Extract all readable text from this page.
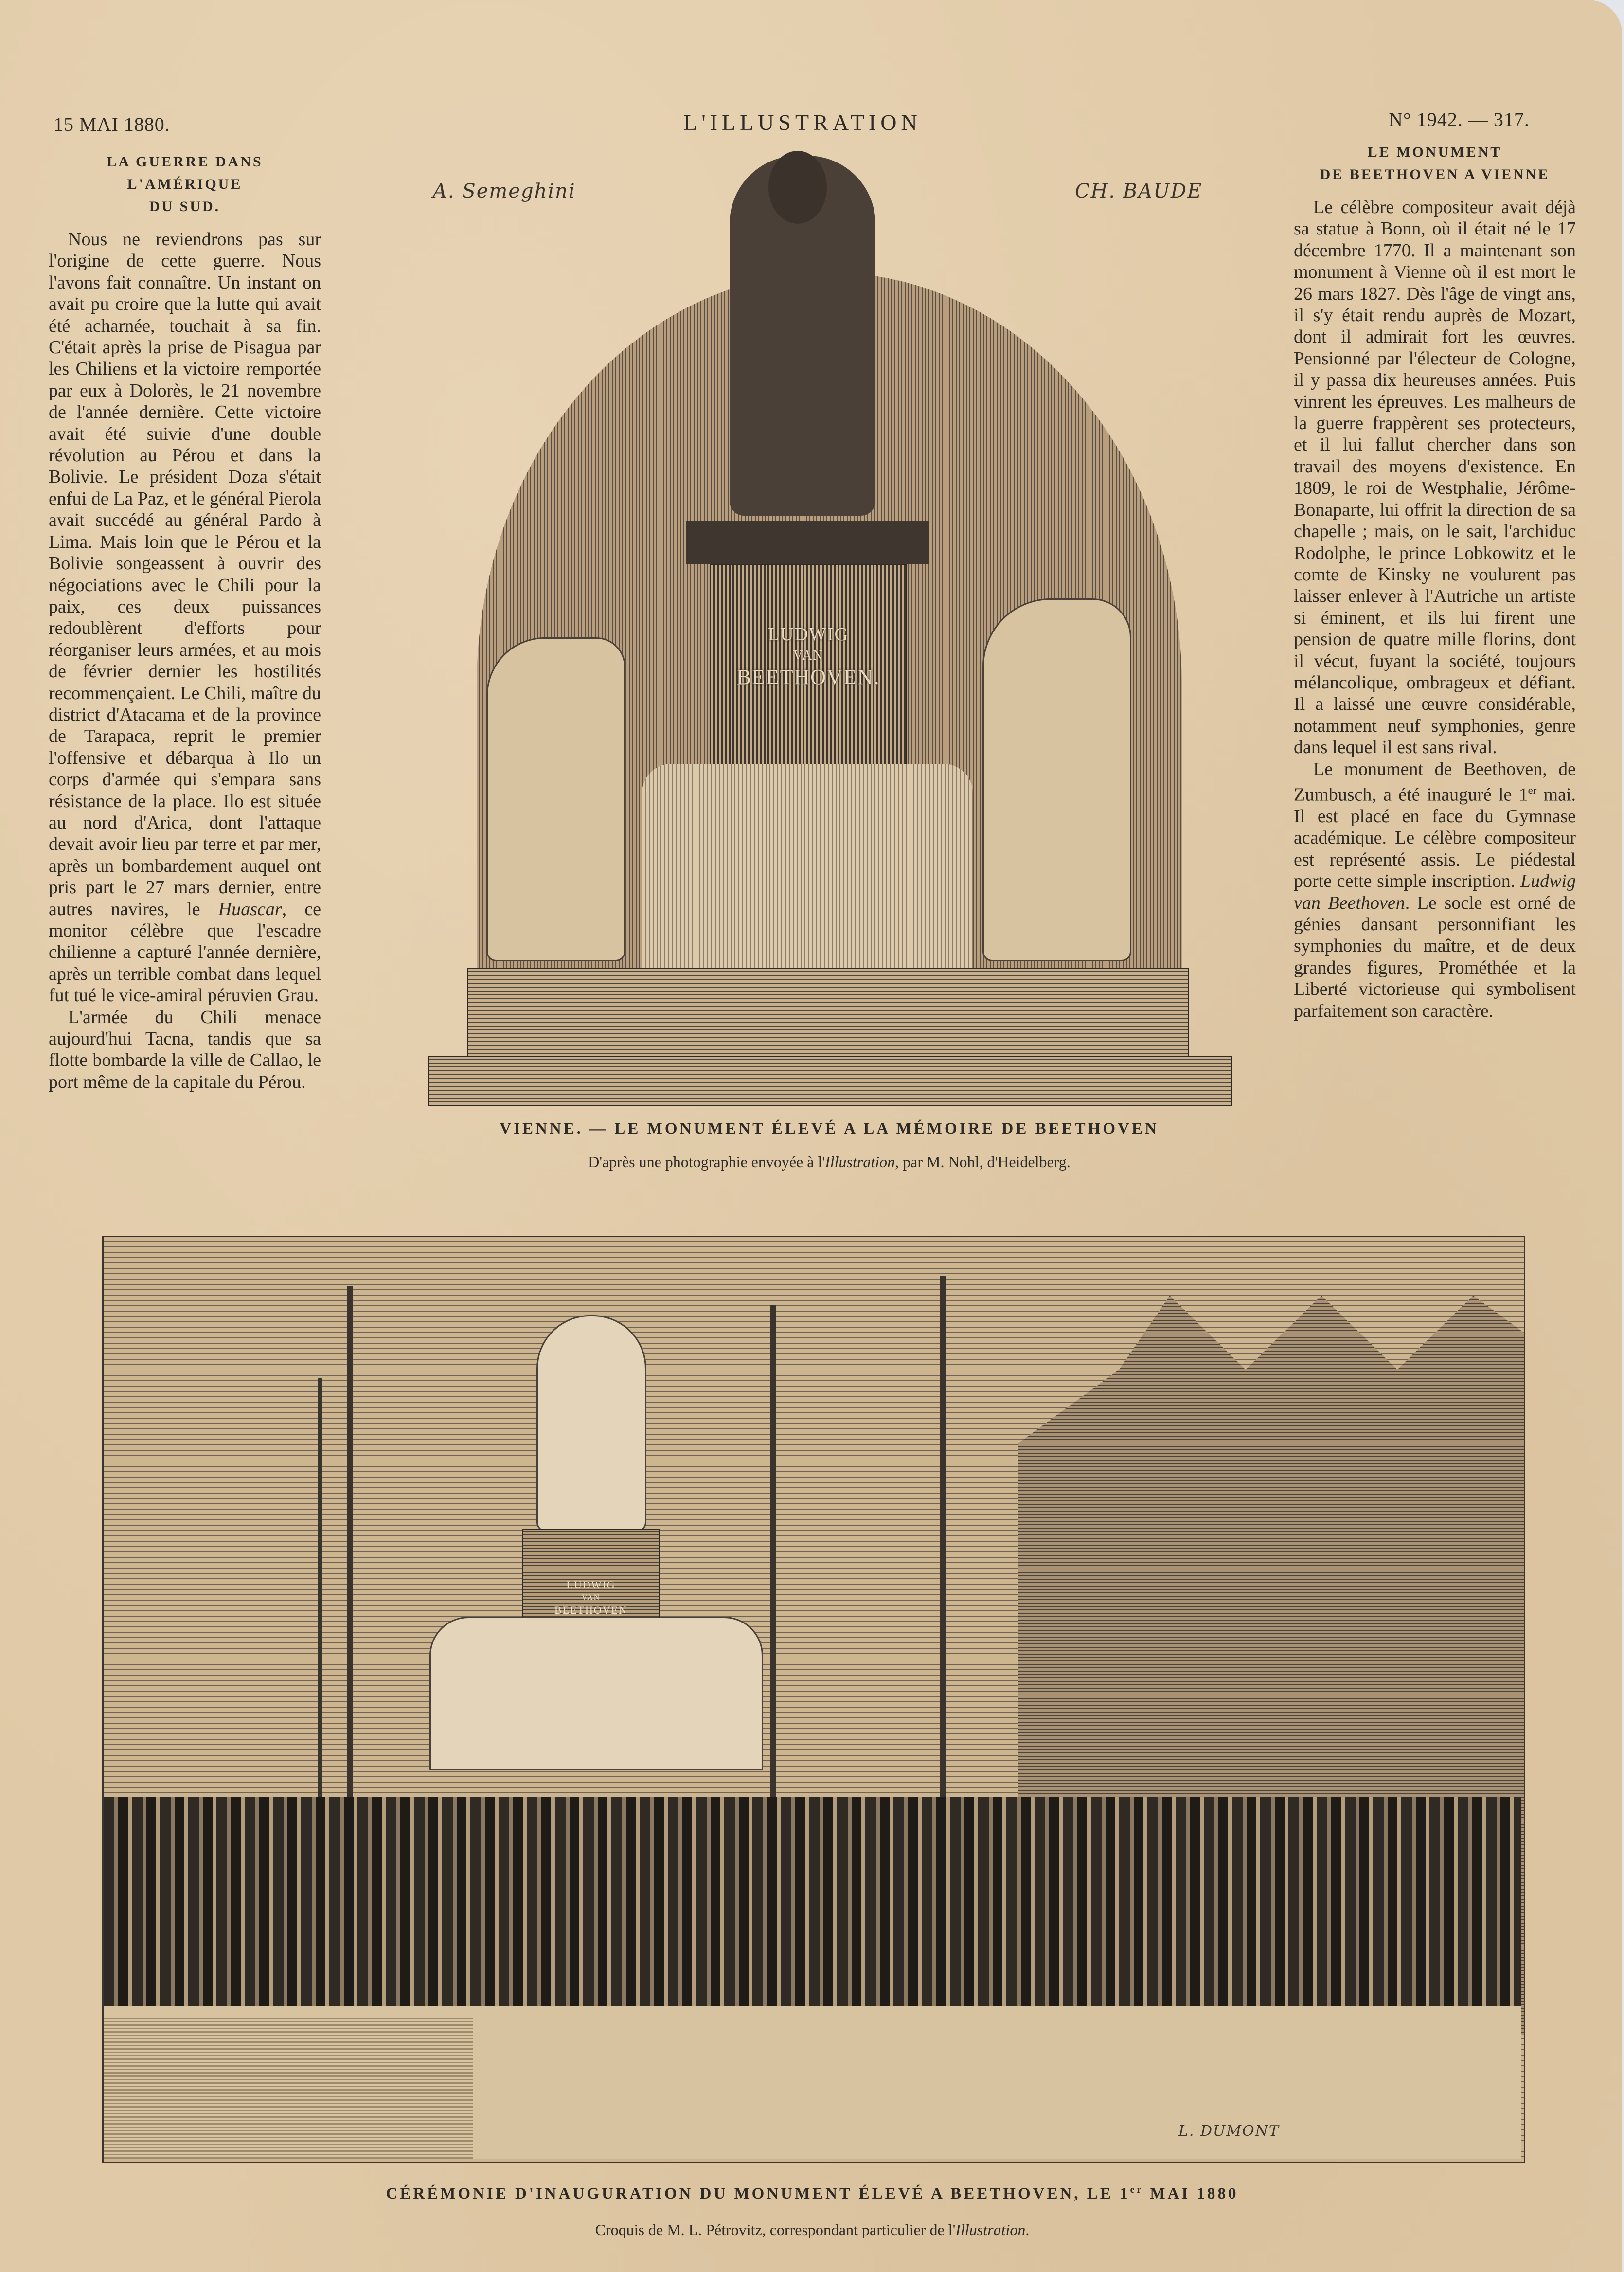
15 MAI 1880.	L'ILLUSTRATION	N° 1942. — 317.
LA GUERRE DANS L'AMÉRIQUE
DU SUD.

Nous ne reviendrons pas sur l'origine de cette guerre. Nous l'avons fait connaître. Un instant on avait pu croire que la lutte qui avait été acharnée, touchait à sa fin. C'était après la prise de Pisagua par les Chiliens et la victoire remportée par eux à Dolorès, le 21 novembre de l'année dernière. Cette victoire avait été suivie d'une double révolution au Pérou et dans la Bolivie. Le président Doza s'était enfui de La Paz, et le général Pierola avait succédé au général Pardo à Lima. Mais loin que le Pérou et la Bolivie songeassent à ouvrir des négociations avec le Chili pour la paix, ces deux puissances redoublèrent d'efforts pour réorganiser leurs armées, et au mois de février dernier les hostilités recommençaient. Le Chili, maître du district d'Atacama et de la province de Tarapaca, reprit le premier l'offensive et débarqua à Ilo un corps d'armée qui s'empara sans résistance de la place. Ilo est située au nord d'Arica, dont l'attaque devait avoir lieu par terre et par mer, après un bombardement auquel ont pris part le 27 mars dernier, entre autres navires, le Huascar, ce monitor célèbre que l'escadre chilienne a capturé l'année dernière, après un terrible combat dans lequel fut tué le vice-amiral péruvien Grau.

L'armée du Chili menace aujourd'hui Tacna, tandis que sa flotte bombarde la ville de Callao, le port même de la capitale du Pérou.

LE MONUMENT
DE BEETHOVEN A VIENNE

Le célèbre compositeur avait déjà sa statue à Bonn, où il était né le 17 décembre 1770. Il a maintenant son monument à Vienne où il est mort le 26 mars 1827. Dès l'âge de vingt ans, il s'y était rendu auprès de Mozart, dont il admirait fort les œuvres. Pensionné par l'électeur de Cologne, il y passa dix heureuses années. Puis vinrent les épreuves. Les malheurs de la guerre frappèrent ses protecteurs, et il lui fallut chercher dans son travail des moyens d'existence. En 1809, le roi de Westphalie, Jérôme-Bonaparte, lui offrit la direction de sa chapelle ; mais, on le sait, l'archiduc Rodolphe, le prince Lobkowitz et le comte de Kinsky ne voulurent pas laisser enlever à l'Autriche un artiste si éminent, et ils lui firent une pension de quatre mille florins, dont il vécut, fuyant la société, toujours mélancolique, ombrageux et défiant. Il a laissé une œuvre considérable, notamment neuf symphonies, genre dans lequel il est sans rival.

Le monument de Beethoven, de Zumbusch, a été inauguré le 1er mai. Il est placé en face du Gymnase académique. Le célèbre compositeur est représenté assis. Le piédestal porte cette simple inscription. Ludwig van Beethoven. Le socle est orné de génies dansant personnifiant les symphonies du maître, et de deux grandes figures, Prométhée et la Liberté victorieuse qui symbolisent parfaitement son caractère.

LUDWIG
VAN
BEETHOVEN.
A. Semeghini	CH. BAUDE
VIENNE. — LE MONUMENT ÉLEVÉ A LA MÉMOIRE DE BEETHOVEN
D'après une photographie envoyée à l'Illustration, par M. Nohl, d'Heidelberg.
LUDWIG
VAN
BEETHOVEN
L. DUMONT
CÉRÉMONIE D'INAUGURATION DU MONUMENT ÉLEVÉ A BEETHOVEN, LE 1er MAI 1880
Croquis de M. L. Pétrovitz, correspondant particulier de l'Illustration.
